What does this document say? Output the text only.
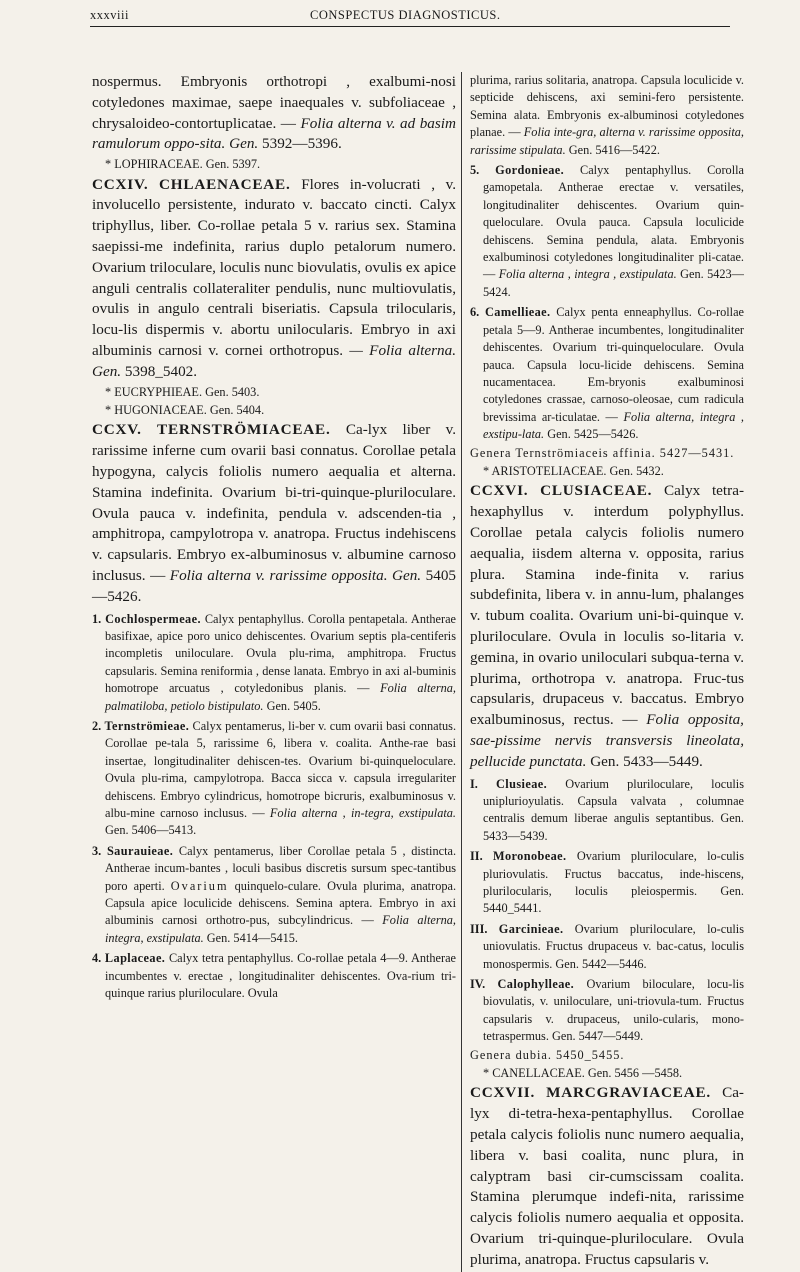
xxxviii	CONSPECTUS DIAGNOSTICUS.

nospermus. Embryonis orthotropi , exalbumi-nosi cotyledones maximae, saepe inaequales v. subfoliaceae , chrysaloideo-contortuplicatae. — Folia alterna v. ad basim ramulorum oppo-sita. Gen. 5392—5396.

* LOPHIRACEAE. Gen. 5397.

CCXIV. CHLAENACEAE. Flores in-volucrati , v. involucello persistente, indurato v. baccato cincti. Calyx triphyllus, liber. Co-rollae petala 5 v. rarius sex. Stamina saepissi-me indefinita, rarius duplo petalorum numero. Ovarium triloculare, loculis nunc biovulatis, ovulis ex apice anguli centralis collateraliter pendulis, nunc multiovulatis, ovulis in angulo centrali biseriatis. Capsula trilocularis, locu-lis dispermis v. abortu unilocularis. Embryo in axi albuminis carnosi v. cornei orthotropus. — Folia alterna. Gen. 5398_5402.

* EUCRYPHIEAE. Gen. 5403.

* HUGONIACEAE. Gen. 5404.

CCXV. TERNSTRÖMIACEAE. Ca-lyx liber v. rarissime inferne cum ovarii basi connatus. Corollae petala hypogyna, calycis foliolis numero aequalia et alterna. Stamina indefinita. Ovarium bi-tri-quinque-pluriloculare. Ovula pauca v. indefinita, pendula v. adscenden-tia , amphitropa, campylotropa v. anatropa. Fructus indehiscens v. capsularis. Embryo ex-albuminosus v. albumine carnoso inclusus. — Folia alterna v. rarissime opposita. Gen. 5405—5426.

1. Cochlospermeae. Calyx pentaphyllus. Corolla pentapetala. Antherae basifixae, apice poro unico dehiscentes. Ovarium septis pla-centiferis incompletis uniloculare. Ovula plu-rima, amphitropa. Fructus capsularis. Semina reniformia , dense lanata. Embryo in axi al-buminis homotrope arcuatus , cotyledonibus planis. — Folia alterna, palmatiloba, petiolo bistipulato. Gen. 5405.

2. Ternströmieae. Calyx pentamerus, li-ber v. cum ovarii basi connatus. Corollae pe-tala 5, rarissime 6, libera v. coalita. Anthe-rae basi insertae, longitudinaliter dehiscen-tes. Ovarium bi-quinqueloculare. Ovula plu-rima, campylotropa. Bacca sicca v. capsula irregulariter dehiscens. Embryo cylindricus, homotrope bicruris, exalbuminosus v. albu-mine carnoso inclusus. — Folia alterna , in-tegra, exstipulata. Gen. 5406—5413.

3. Saurauieae. Calyx pentamerus, liber Corollae petala 5 , distincta. Antherae incum-bantes , loculi basibus discretis sursum spec-tantibus poro aperti. Ovarium quinquelo-culare. Ovula plurima, anatropa. Capsula apice loculicide dehiscens. Semina aptera. Embryo in axi albuminis carnosi orthotro-pus, subcylindricus. — Folia alterna, integra, exstipulata. Gen. 5414—5415.

4. Laplaceae. Calyx tetra pentaphyllus. Co-rollae petala 4—9. Antherae incumbentes v. erectae , longitudinaliter dehiscentes. Ova-rium tri-quinque rarius pluriloculare. Ovula

plurima, rarius solitaria, anatropa. Capsula loculicide v. septicide dehiscens, axi semini-fero persistente. Semina alata. Embryonis ex-albuminosi cotyledones planae. — Folia inte-gra, alterna v. rarissime opposita, rarissime stipulata. Gen. 5416—5422.

5. Gordonieae. Calyx pentaphyllus. Corolla gamopetala. Antherae erectae v. versatiles, longitudinaliter dehiscentes. Ovarium quin-queloculare. Ovula pauca. Capsula loculicide dehiscens. Semina pendula, alata. Embryonis exalbuminosi cotyledones longitudinaliter pli-catae. — Folia alterna , integra , exstipulata. Gen. 5423—5424.

6. Camellieae. Calyx penta enneaphyllus. Co-rollae petala 5—9. Antherae incumbentes, longitudinaliter dehiscentes. Ovarium tri-quinqueloculare. Ovula pauca. Capsula locu-licide dehiscens. Semina nucamentacea. Em-bryonis exalbuminosi cotyledones crassae, carnoso-oleosae, cum radicula brevissima ar-ticulatae. — Folia alterna, integra , exstipu-lata. Gen. 5425—5426.

Genera Ternströmiaceis affinia. 5427—5431.

* ARISTOTELIACEAE. Gen. 5432.

CCXVI. CLUSIACEAE. Calyx tetra-hexaphyllus v. interdum polyphyllus. Corollae petala calycis foliolis numero aequalia, iisdem alterna v. opposita, rarius plura. Stamina inde-finita v. rarius subdefinita, libera v. in annu-lum, phalanges v. tubum coalita. Ovarium uni-bi-quinque v. pluriloculare. Ovula in loculis so-litaria v. gemina, in ovario uniloculari subqua-terna v. plurima, orthotropa v. anatropa. Fruc-tus capsularis, drupaceus v. baccatus. Embryo exalbuminosus, rectus. — Folia opposita, sae-pissime nervis transversis lineolata, pellucide punctata. Gen. 5433—5449.

I. Clusieae. Ovarium pluriloculare, loculis uniplurioyulatis. Capsula valvata , columnae centralis demum liberae angulis septantibus. Gen. 5433—5439.

II. Moronobeae. Ovarium pluriloculare, lo-culis pluriovulatis. Fructus baccatus, inde-hiscens, plurilocularis, loculis pleiospermis. Gen. 5440_5441.

III. Garcinieae. Ovarium pluriloculare, lo-culis uniovulatis. Fructus drupaceus v. bac-catus, loculis monospermis. Gen. 5442—5446.

IV. Calophylleae. Ovarium biloculare, locu-lis biovulatis, v. uniloculare, uni-triovula-tum. Fructus capsularis v. drupaceus, unilo-cularis, mono-tetraspermus. Gen. 5447—5449.

Genera dubia. 5450_5455.

* CANELLACEAE. Gen. 5456 —5458.

CCXVII. MARCGRAVIACEAE. Ca-lyx di-tetra-hexa-pentaphyllus. Corollae petala calycis foliolis nunc numero aequalia, libera v. basi coalita, nunc plura, in calyptram basi cir-cumscissam coalita. Stamina plerumque indefi-nita, rarissime calycis foliolis numero aequalia et opposita. Ovarium tri-quinque-pluriloculare. Ovula plurima, anatropa. Fructus capsularis v.
